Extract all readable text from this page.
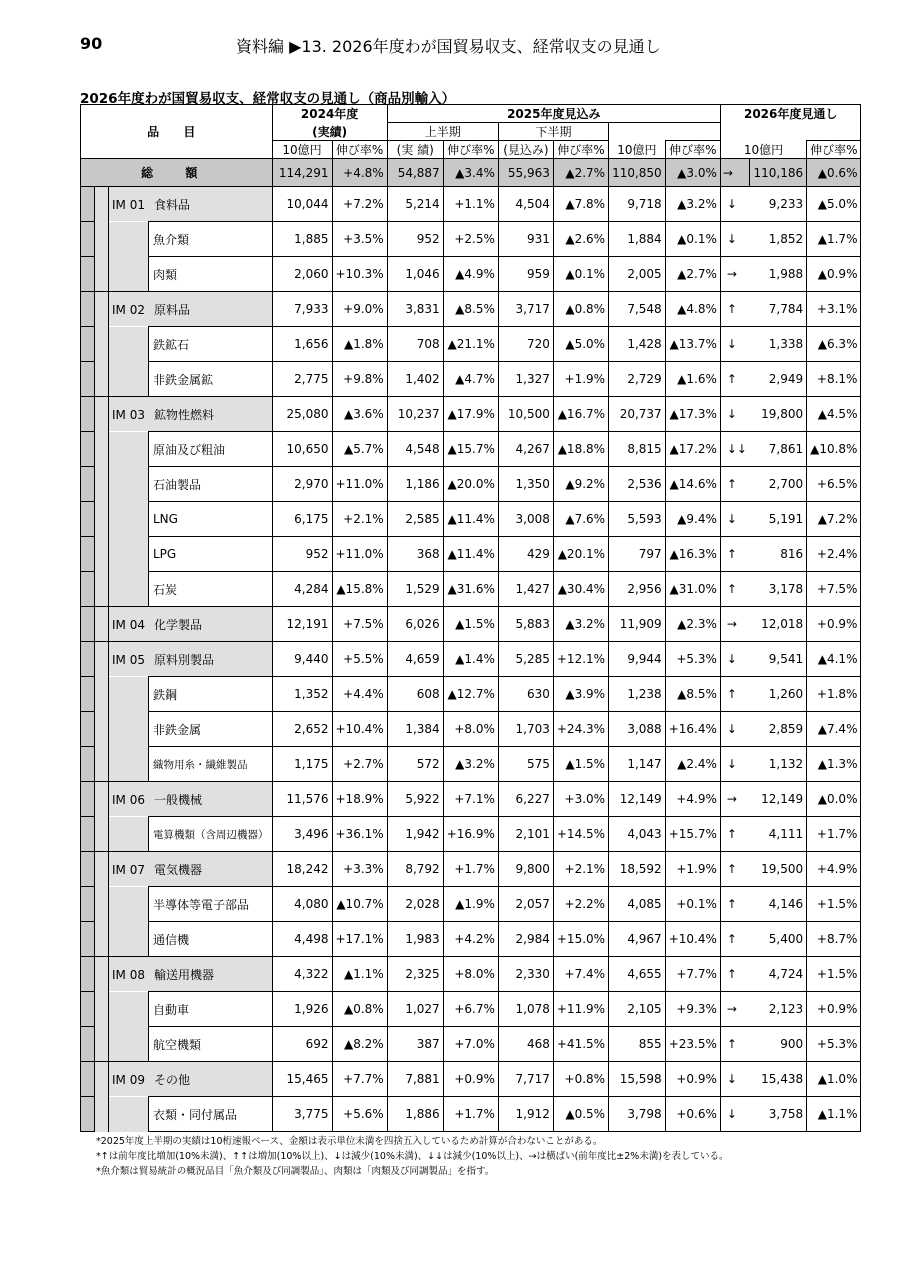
90	資料編 ▶13. 2026年度わが国貿易収支、経常収支の見通し
2026年度わが国貿易収支、経常収支の見通し（商品別輸入）
品 目				2024年度		2025年度見込み						2026年度見通し		
				(実績)		上半期		下半期						
				10億円	伸び率%	(実 績)	伸び率%	(見込み)	伸び率%	10億円	伸び率%	10億円		伸び率%
総 額				114,291	+4.8%	54,887	▲3.4%	55,963	▲2.7%	110,850	▲3.0%	→	110,186	▲0.6%
		IM 01 食料品		10,044	+7.2%	5,214	+1.1%	4,504	▲7.8%	9,718	▲3.2%	↓	9,233	▲5.0%
			魚介類	1,885	+3.5%	952	+2.5%	931	▲2.6%	1,884	▲0.1%	↓	1,852	▲1.7%
			肉類	2,060	+10.3%	1,046	▲4.9%	959	▲0.1%	2,005	▲2.7%	→	1,988	▲0.9%
		IM 02 原料品		7,933	+9.0%	3,831	▲8.5%	3,717	▲0.8%	7,548	▲4.8%	↑	7,784	+3.1%
			鉄鉱石	1,656	▲1.8%	708	▲21.1%	720	▲5.0%	1,428	▲13.7%	↓	1,338	▲6.3%
			非鉄金属鉱	2,775	+9.8%	1,402	▲4.7%	1,327	+1.9%	2,729	▲1.6%	↑	2,949	+8.1%
		IM 03 鉱物性燃料		25,080	▲3.6%	10,237	▲17.9%	10,500	▲16.7%	20,737	▲17.3%	↓	19,800	▲4.5%
			原油及び粗油	10,650	▲5.7%	4,548	▲15.7%	4,267	▲18.8%	8,815	▲17.2%	↓↓	7,861	▲10.8%
			石油製品	2,970	+11.0%	1,186	▲20.0%	1,350	▲9.2%	2,536	▲14.6%	↑	2,700	+6.5%
			LNG	6,175	+2.1%	2,585	▲11.4%	3,008	▲7.6%	5,593	▲9.4%	↓	5,191	▲7.2%
			LPG	952	+11.0%	368	▲11.4%	429	▲20.1%	797	▲16.3%	↑	816	+2.4%
			石炭	4,284	▲15.8%	1,529	▲31.6%	1,427	▲30.4%	2,956	▲31.0%	↑	3,178	+7.5%
		IM 04 化学製品		12,191	+7.5%	6,026	▲1.5%	5,883	▲3.2%	11,909	▲2.3%	→	12,018	+0.9%
		IM 05 原料別製品		9,440	+5.5%	4,659	▲1.4%	5,285	+12.1%	9,944	+5.3%	↓	9,541	▲4.1%
			鉄鋼	1,352	+4.4%	608	▲12.7%	630	▲3.9%	1,238	▲8.5%	↑	1,260	+1.8%
			非鉄金属	2,652	+10.4%	1,384	+8.0%	1,703	+24.3%	3,088	+16.4%	↓	2,859	▲7.4%
			織物用糸・繊維製品	1,175	+2.7%	572	▲3.2%	575	▲1.5%	1,147	▲2.4%	↓	1,132	▲1.3%
		IM 06 一般機械		11,576	+18.9%	5,922	+7.1%	6,227	+3.0%	12,149	+4.9%	→	12,149	▲0.0%
			電算機類（含周辺機器）	3,496	+36.1%	1,942	+16.9%	2,101	+14.5%	4,043	+15.7%	↑	4,111	+1.7%
		IM 07 電気機器		18,242	+3.3%	8,792	+1.7%	9,800	+2.1%	18,592	+1.9%	↑	19,500	+4.9%
			半導体等電子部品	4,080	▲10.7%	2,028	▲1.9%	2,057	+2.2%	4,085	+0.1%	↑	4,146	+1.5%
			通信機	4,498	+17.1%	1,983	+4.2%	2,984	+15.0%	4,967	+10.4%	↑	5,400	+8.7%
		IM 08 輸送用機器		4,322	▲1.1%	2,325	+8.0%	2,330	+7.4%	4,655	+7.7%	↑	4,724	+1.5%
			自動車	1,926	▲0.8%	1,027	+6.7%	1,078	+11.9%	2,105	+9.3%	→	2,123	+0.9%
			航空機類	692	▲8.2%	387	+7.0%	468	+41.5%	855	+23.5%	↑	900	+5.3%
		IM 09 その他		15,465	+7.7%	7,881	+0.9%	7,717	+0.8%	15,598	+0.9%	↓	15,438	▲1.0%
			衣類・同付属品	3,775	+5.6%	1,886	+1.7%	1,912	▲0.5%	3,798	+0.6%	↓	3,758	▲1.1%
*2025年度上半期の実績は10桁速報ベース、金額は表示単位未満を四捨五入しているため計算が合わないことがある。
*↑は前年度比増加(10%未満)、↑↑は増加(10%以上)、↓は減少(10%未満)、↓↓は減少(10%以上)、→は横ばい(前年度比±2%未満)を表している。
*魚介類は貿易統計の概況品目「魚介類及び同調製品」、肉類は「肉類及び同調製品」を指す。
